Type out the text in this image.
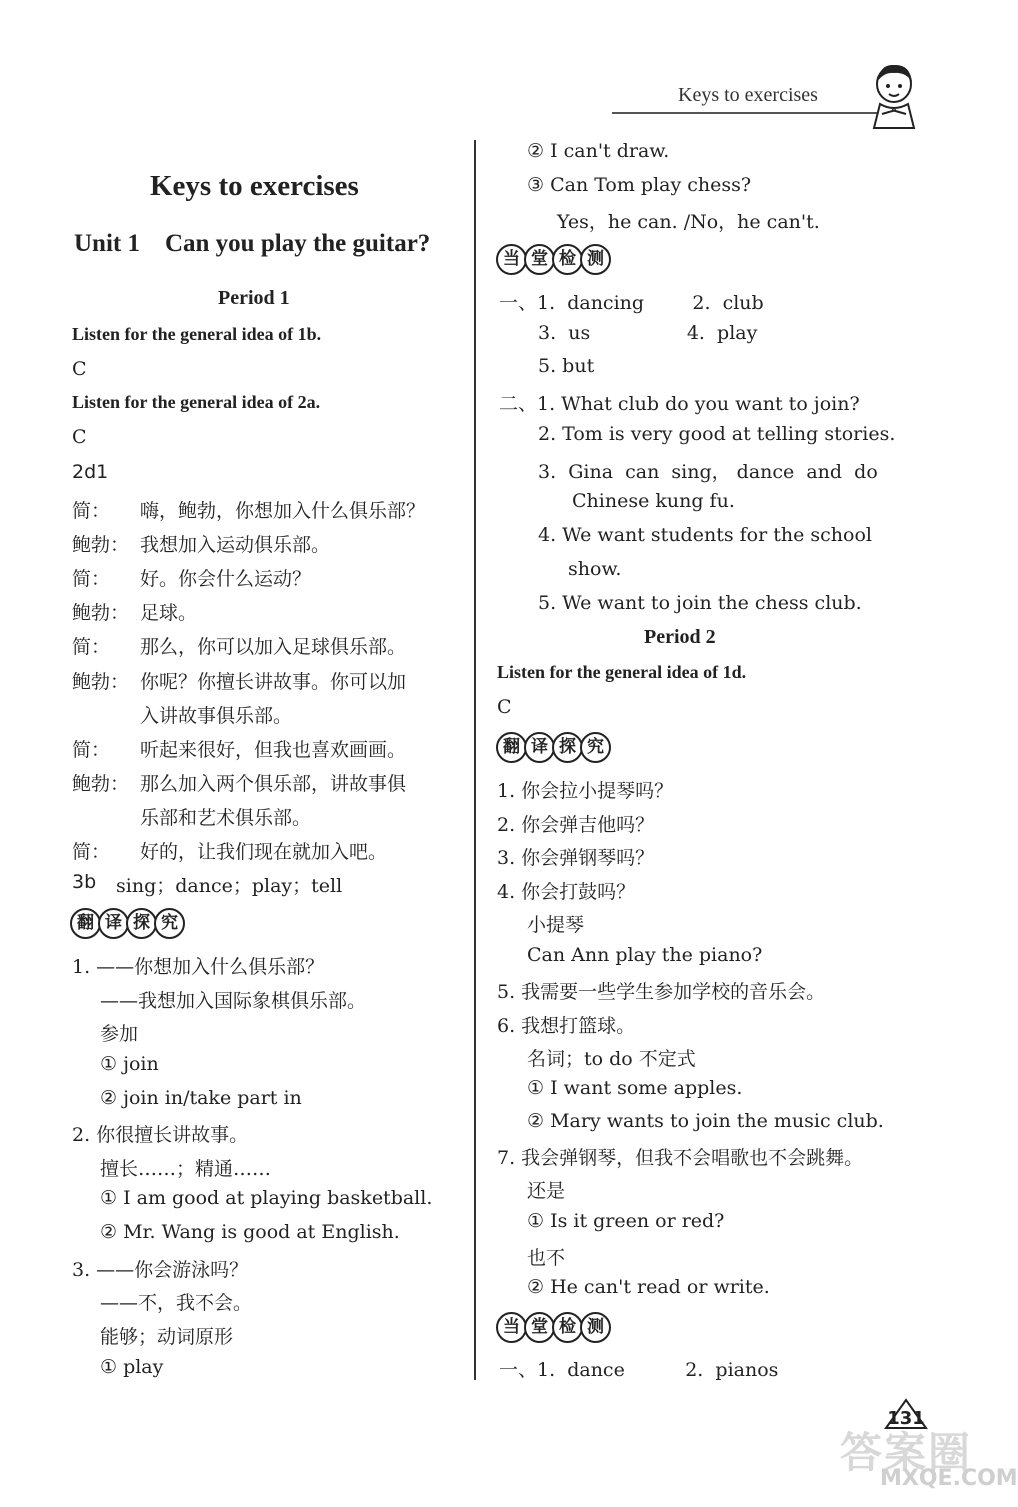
Keys to exercises
Keys to exercises
Unit 1    Can you play the guitar?
Period 1
Listen for the general idea of 1b.
C
Listen for the general idea of 2a.
C
2d1
简： 嗨，鲍勃，你想加入什么俱乐部？
鲍勃： 我想加入运动俱乐部。
简： 好。你会什么运动？
鲍勃： 足球。
简： 那么，你可以加入足球俱乐部。
鲍勃： 你呢？你擅长讲故事。你可以加
入讲故事俱乐部。
简： 听起来很好，但我也喜欢画画。
鲍勃： 那么加入两个俱乐部，讲故事俱
乐部和艺术俱乐部。
简： 好的，让我们现在就加入吧。
3b sing；dance；play；tell
翻 译 探 究
1. ——你想加入什么俱乐部？
——我想加入国际象棋俱乐部。
参加
① join
② join in/take part in
2. 你很擅长讲故事。
擅长……；精通……
① I am good at playing basketball.
② Mr. Wang is good at English.
3. ——你会游泳吗？
——不，我不会。
能够；动词原形
① play
② I can't draw.
③ Can Tom play chess?
Yes，he can. /No，he can't.
当 堂 检 测
一、1.  dancing        2.  club
3.  us                4.  play
5. but
二、1. What club do you want to join?
2. Tom is very good at telling stories.
3.  Gina  can  sing， dance  and  do
Chinese kung fu.
4. We want students for the school
show.
5. We want to join the chess club.
Period 2
Listen for the general idea of 1d.
C
翻 译 探 究
1. 你会拉小提琴吗？
2. 你会弹吉他吗？
3. 你会弹钢琴吗？
4. 你会打鼓吗？
小提琴
Can Ann play the piano?
5. 我需要一些学生参加学校的音乐会。
6. 我想打篮球。
名词；to do 不定式
① I want some apples.
② Mary wants to join the music club.
7. 我会弹钢琴，但我不会唱歌也不会跳舞。
还是
① Is it green or red?
也不
② He can't read or write.
当 堂 检 测
一、1.  dance          2.  pianos
131
答案圈
MXQE.COM
